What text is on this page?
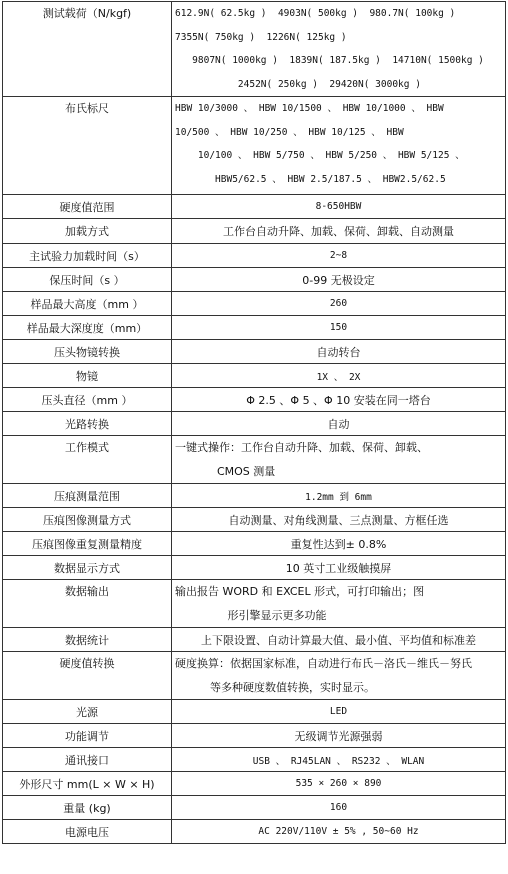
测试载荷（N/kgf)	612.9N( 62.5kg )  4903N( 500kg )  980.7N( 100kg )
7355N( 750kg )  1226N( 125kg )
9807N( 1000kg )  1839N( 187.5kg )  14710N( 1500kg )
2452N( 250kg )  29420N( 3000kg )

布氏标尺	HBW 10/3000 、 HBW 10/1500 、 HBW 10/1000 、 HBW
10/500 、 HBW 10/250 、 HBW 10/125 、 HBW
10/100 、 HBW 5/750 、 HBW 5/250 、 HBW 5/125 、
HBW5/62.5 、 HBW 2.5/187.5 、 HBW2.5/62.5

硬度值范围	8-650HBW
加载方式	工作台自动升降、加载、保荷、卸载、自动测量
主试验力加载时间（s）	2~8
保压时间（s ）	0-99 无极设定
样品最大高度（mm ）	260
样品最大深度度（mm）	150
压头物镜转换	自动转台
物镜	1X 、 2X
压头直径（mm ）	Φ 2.5 、Φ 5 、Φ 10 安装在同一塔台
光路转换	自动
工作模式	一键式操作：工作台自动升降、加载、保荷、卸载、
CMOS 测量

压痕测量范围	1.2mm 到 6mm
压痕图像测量方式	自动测量、对角线测量、三点测量、方框任选
压痕图像重复测量精度	重复性达到± 0.8%
数据显示方式	10 英寸工业级触摸屏
数据输出	输出报告 WORD 和 EXCEL 形式，可打印输出；图
形引擎显示更多功能

数据统计	上下限设置、自动计算最大值、最小值、平均值和标准差
硬度值转换	硬度换算：依据国家标准，自动进行布氏－洛氏－维氏－努氏
等多种硬度数值转换，实时显示。

光源	LED
功能调节	无级调节光源强弱
通讯接口	USB 、 RJ45LAN 、 RS232 、 WLAN
外形尺寸 mm(L × W × H)	535 × 260 × 890
重量 (kg)	160
电源电压	AC 220V/110V ± 5% , 50~60 Hz
